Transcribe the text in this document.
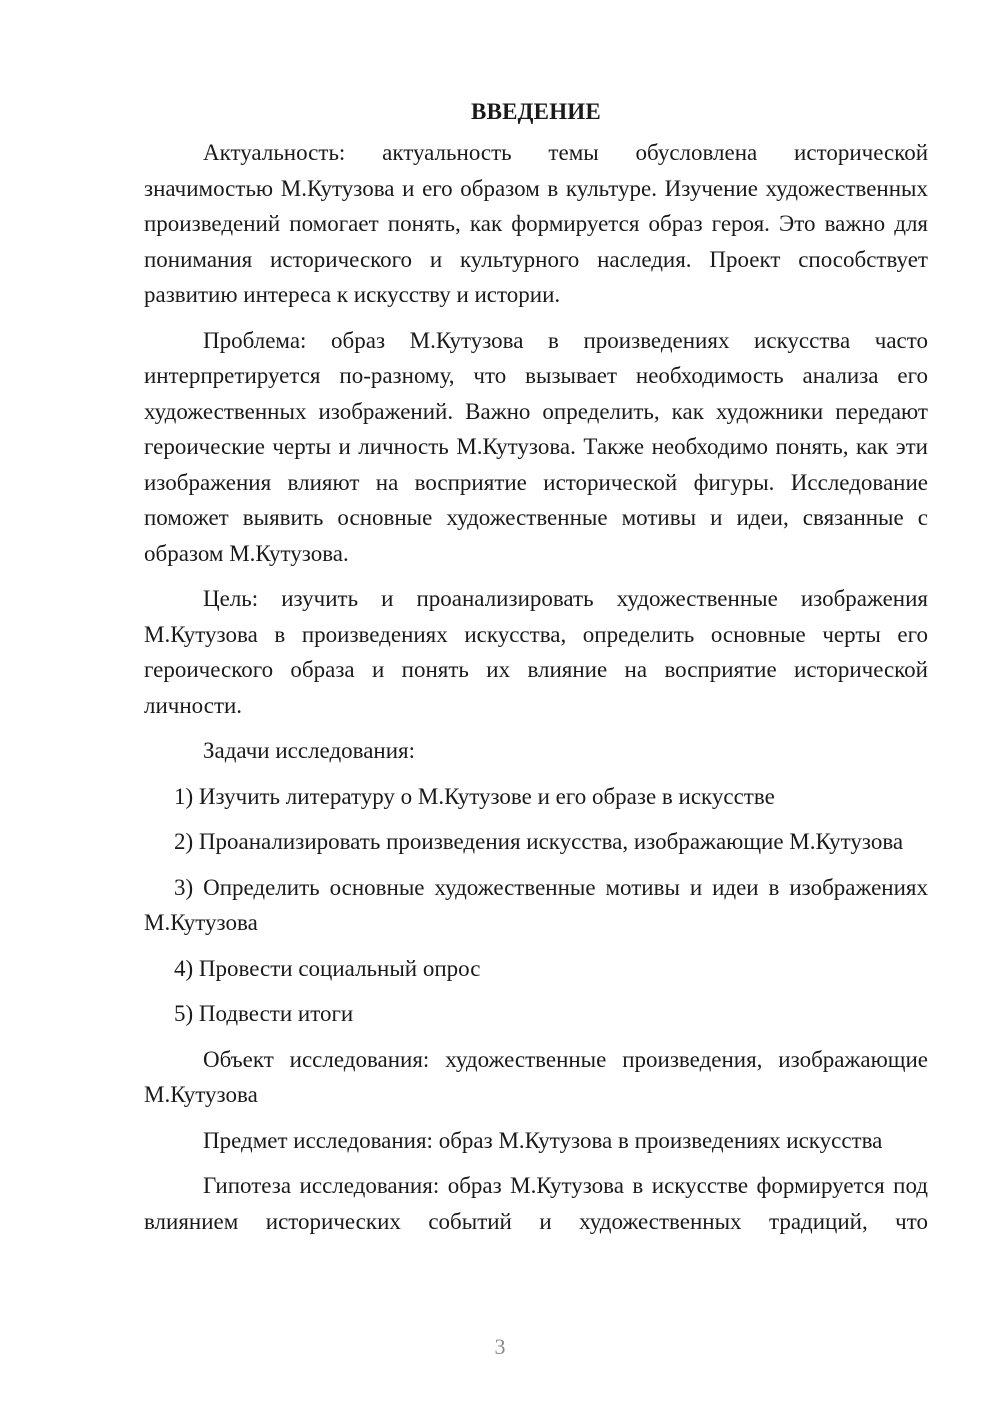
ВВЕДЕНИЕ

Актуальность: актуальность темы обусловлена исторической значимостью М.Кутузова и его образом в культуре. Изучение художественных произведений помогает понять, как формируется образ героя. Это важно для понимания исторического и культурного наследия. Проект способствует развитию интереса к искусству и истории.

Проблема: образ М.Кутузова в произведениях искусства часто интерпретируется по-разному, что вызывает необходимость анализа его художественных изображений. Важно определить, как художники передают героические черты и личность М.Кутузова. Также необходимо понять, как эти изображения влияют на восприятие исторической фигуры. Исследование поможет выявить основные художественные мотивы и идеи, связанные с образом М.Кутузова.

Цель: изучить и проанализировать художественные изображения М.Кутузова в произведениях искусства, определить основные черты его героического образа и понять их влияние на восприятие исторической личности.

Задачи исследования:

1) Изучить литературу о М.Кутузове и его образе в искусстве

2) Проанализировать произведения искусства, изображающие М.Кутузова

3) Определить основные художественные мотивы и идеи в изображениях М.Кутузова

4) Провести социальный опрос

5) Подвести итоги

Объект исследования: художественные произведения, изображающие М.Кутузова

Предмет исследования: образ М.Кутузова в произведениях искусства

Гипотеза исследования: образ М.Кутузова в искусстве формируется под влиянием исторических событий и художественных традиций, что

3
